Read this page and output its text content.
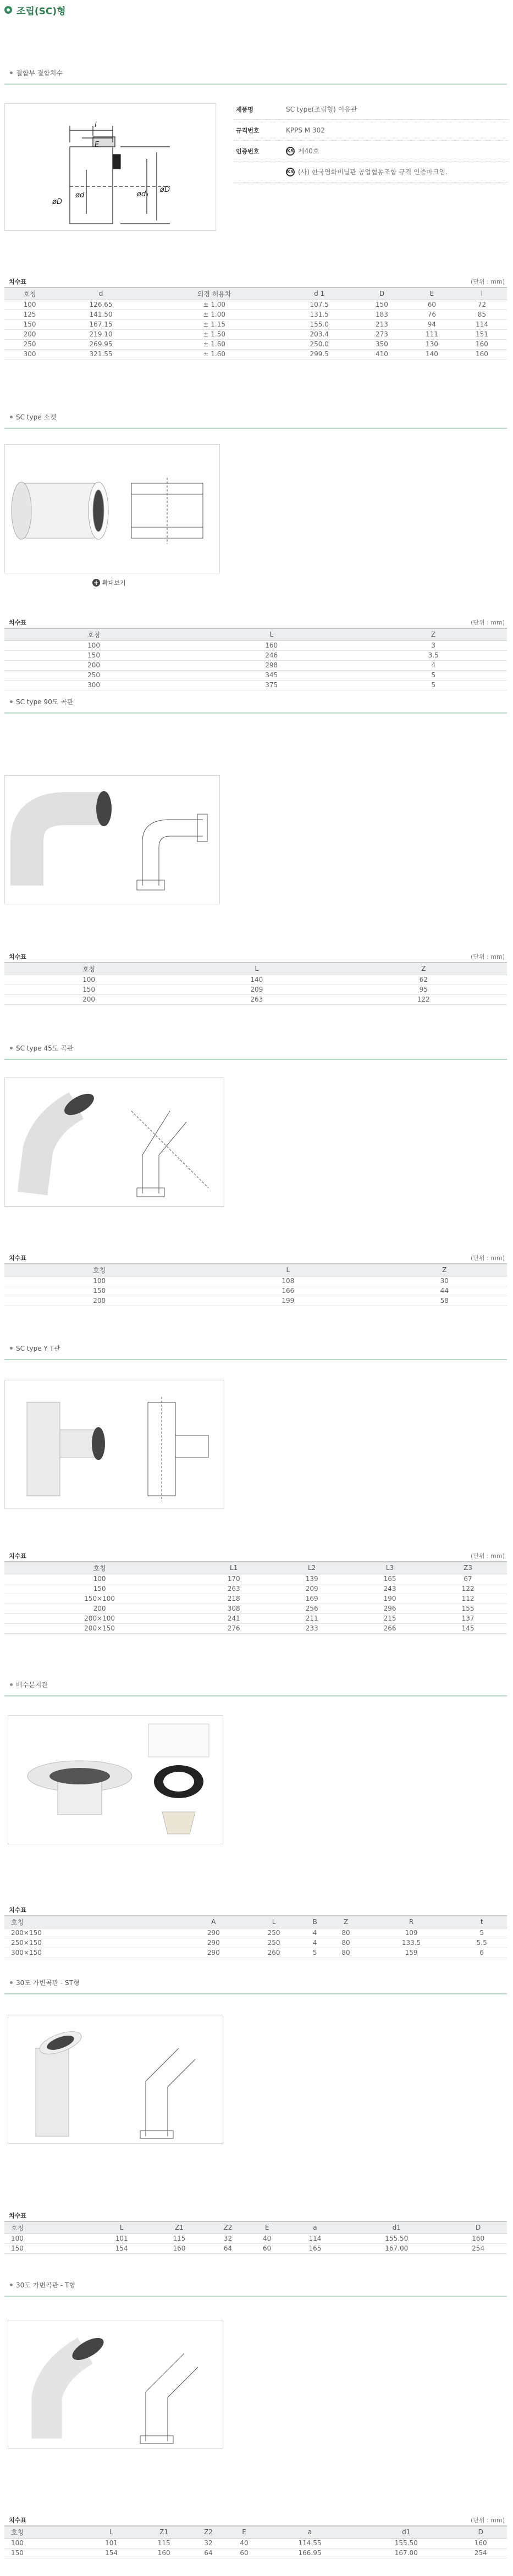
조립(SC)형
결합부 결합치수
l
E
ød	ød₁
øD
øD
제품명	SC type(조립형) 이음관
규격번호	KPPS M 302
인증번호	KS 제40호
KS (사) 한국염화비닐관 공업협동조합 규격 인증마크임.
치수표	(단위 : mm)
호칭	d	외경 허용차	d 1	D	E	l
100	126.65	± 1.00	107.5	150	60	72
125	141.50	± 1.00	131.5	183	76	85
150	167.15	± 1.15	155.0	213	94	114
200	219.10	± 1.50	203.4	273	111	151
250	269.95	± 1.60	250.0	350	130	160
300	321.55	± 1.60	299.5	410	140	160
SC type 소켓
+ 확대보기
치수표	(단위 : mm)
호칭	L	Z
100	160	3
150	246	3.5
200	298	4
250	345	5
300	375	5
SC type 90도 곡관
치수표	(단위 : mm)
호칭	L	Z
100	140	62
150	209	95
200	263	122
SC type 45도 곡관
치수표	(단위 : mm)
호칭	L	Z
100	108	30
150	166	44
200	199	58
SC type Y T관
치수표	(단위 : mm)
호칭	L1	L2	L3	Z3
100	170	139	165	67
150	263	209	243	122
150×100	218	169	190	112
200	308	256	296	155
200×100	241	211	215	137
200×150	276	233	266	145
배수분지관
치수표
호칭	A	L	B	Z	R	t
200×150	290	250	4	80	109	5
250×150	290	250	4	80	133.5	5.5
300×150	290	260	5	80	159	6
30도 가변곡관 - ST형
치수표
호칭	L	Z1	Z2	E	a	d1	D
100	101	115	32	40	114	155.50	160
150	154	160	64	60	165	167.00	254
30도 가변곡관 - T형
치수표	(단위 : mm)
호칭	L	Z1	Z2	E	a	d1	D
100	101	115	32	40	114.55	155.50	160
150	154	160	64	60	166.95	167.00	254
